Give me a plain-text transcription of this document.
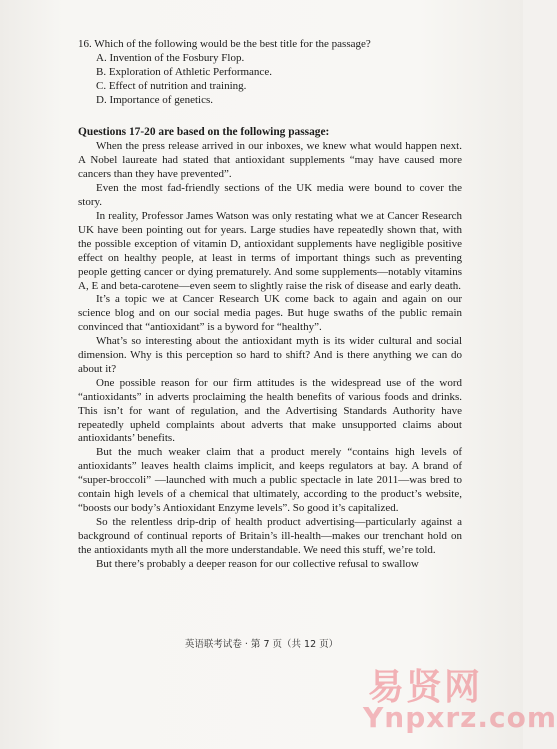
16. Which of the following would be the best title for the passage?

A. Invention of the Fosbury Flop.

B. Exploration of Athletic Performance.

C. Effect of nutrition and training.

D. Importance of genetics.

Questions 17-20 are based on the following passage:

When the press release arrived in our inboxes, we knew what would happen next. A Nobel laureate had stated that antioxidant supplements “may have caused more cancers than they have prevented”.

Even the most fad-friendly sections of the UK media were bound to cover the story.

In reality, Professor James Watson was only restating what we at Cancer Research UK have been pointing out for years. Large studies have repeatedly shown that, with the possible exception of vitamin D, antioxidant supplements have negligible positive effect on healthy people, at least in terms of important things such as preventing people getting cancer or dying prematurely. And some supplements—notably vitamins A, E and beta-carotene—even seem to slightly raise the risk of disease and early death.

It’s a topic we at Cancer Research UK come back to again and again on our science blog and on our social media pages. But huge swaths of the public remain convinced that “antioxidant” is a byword for “healthy”.

What’s so interesting about the antioxidant myth is its wider cultural and social dimension. Why is this perception so hard to shift? And is there anything we can do about it?

One possible reason for our firm attitudes is the widespread use of the word “antioxidants” in adverts proclaiming the health benefits of various foods and drinks. This isn’t for want of regulation, and the Advertising Standards Authority have repeatedly upheld complaints about adverts that make unsupported claims about antioxidants’ benefits.

But the much weaker claim that a product merely “contains high levels of antioxidants” leaves health claims implicit, and keeps regulators at bay. A brand of “super-broccoli” —launched with much a public spectacle in late 2011—was bred to contain high levels of a chemical that ultimately, according to the product’s website, “boosts our body’s Antioxidant Enzyme levels”. So good it’s capitalized.

So the relentless drip-drip of health product advertising—particularly against a background of continual reports of Britain’s ill-health—makes our trenchant hold on the antioxidants myth all the more understandable. We need this stuff, we’re told.

But there’s probably a deeper reason for our collective refusal to swallow

英语联考试卷 · 第 7 页（共 12 页）
易贤网
Ynpxrz.com
